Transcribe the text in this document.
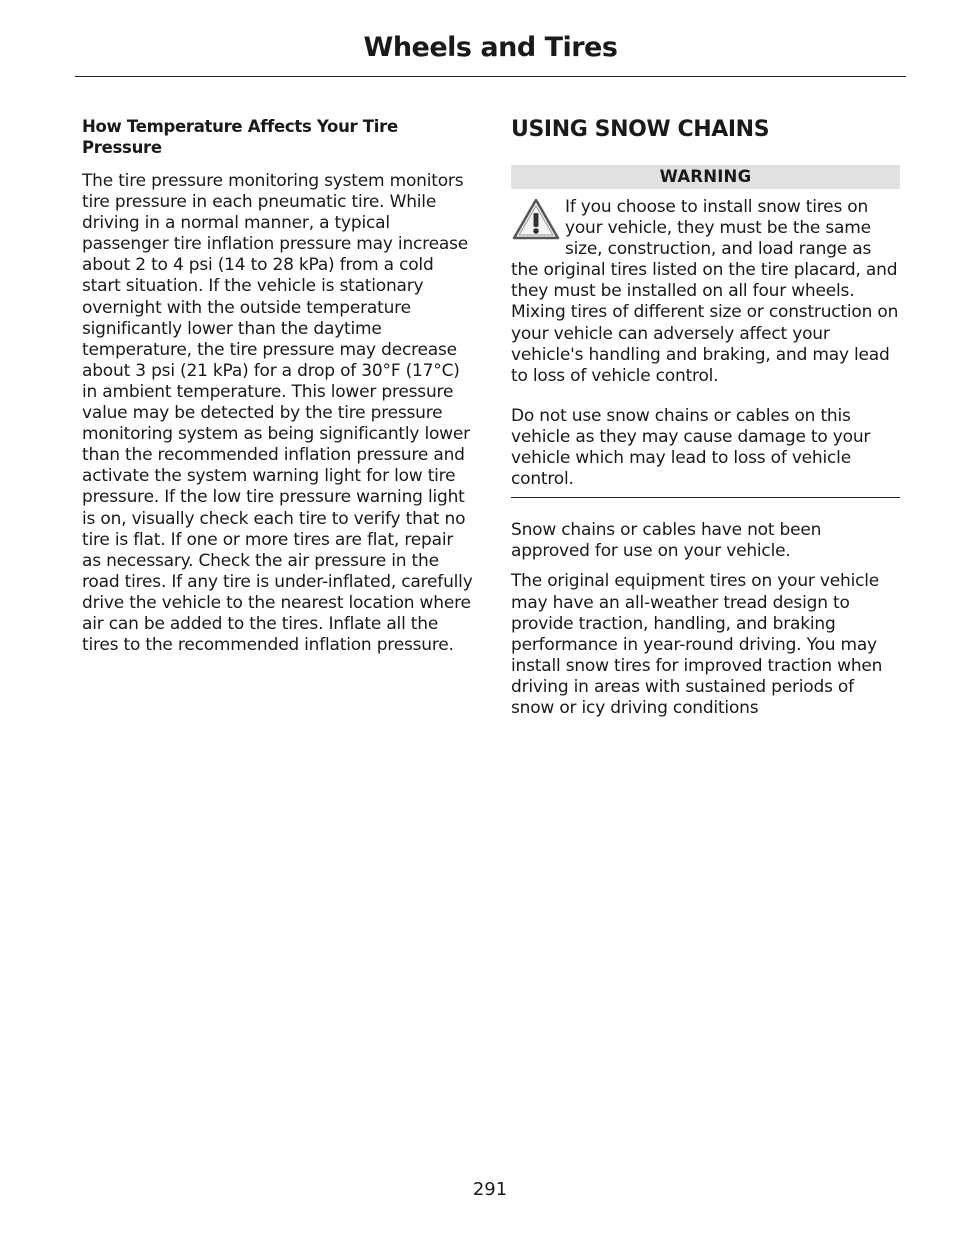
Wheels and Tires
How Temperature Affects Your Tire Pressure

The tire pressure monitoring system monitors tire pressure in each pneumatic tire. While driving in a normal manner, a typical passenger tire inflation pressure may increase about 2 to 4 psi (14 to 28 kPa) from a cold start situation. If the vehicle is stationary overnight with the outside temperature significantly lower than the daytime temperature, the tire pressure may decrease about 3 psi (21 kPa) for a drop of 30°F (17°C) in ambient temperature. This lower pressure value may be detected by the tire pressure monitoring system as being significantly lower than the recommended inflation pressure and activate the system warning light for low tire pressure. If the low tire pressure warning light is on, visually check each tire to verify that no tire is flat. If one or more tires are flat, repair as necessary. Check the air pressure in the road tires. If any tire is under-inflated, carefully drive the vehicle to the nearest location where air can be added to the tires. Inflate all the tires to the recommended inflation pressure.

USING SNOW CHAINS
WARNING

If you choose to install snow tires on your vehicle, they must be the same size, construction, and load range as the original tires listed on the tire placard, and they must be installed on all four wheels. Mixing tires of different size or construction on your vehicle can adversely affect your vehicle's handling and braking, and may lead to loss of vehicle control.

Do not use snow chains or cables on this vehicle as they may cause damage to your vehicle which may lead to loss of vehicle control.

Snow chains or cables have not been approved for use on your vehicle.

The original equipment tires on your vehicle may have an all-weather tread design to provide traction, handling, and braking performance in year-round driving. You may install snow tires for improved traction when driving in areas with sustained periods of snow or icy driving conditions

291
